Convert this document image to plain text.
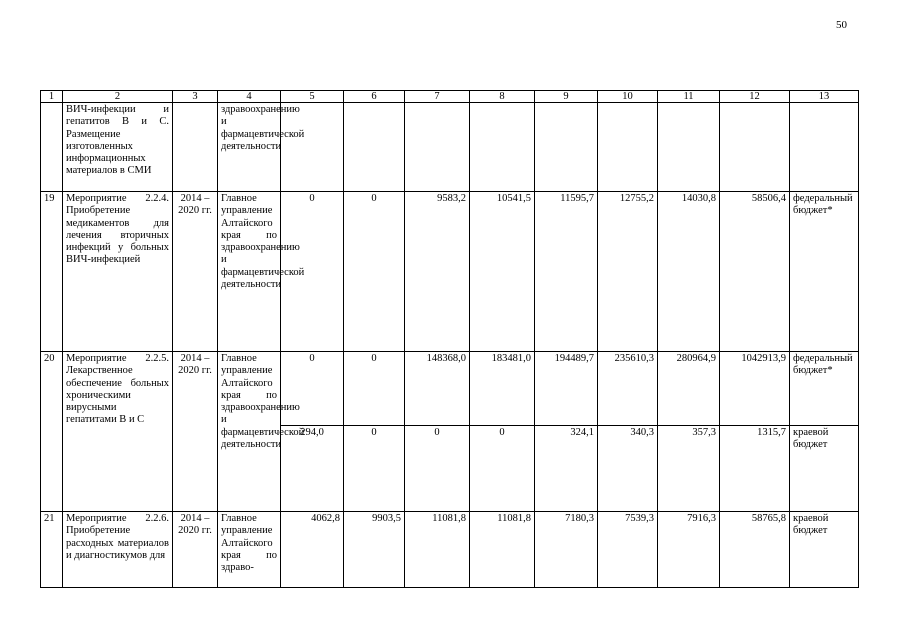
50
1	2	3	4	5	6	7	8	9	10	11	12	13
	ВИЧ-инфекции и гепатитов В и С. Размещение изготовленных информационных материалов в СМИ		здравоохранению и фармацевтической деятельности									
19	Мероприятие 2.2.4. Приобретение медикаментов для лечения вторичных инфекций у больных ВИЧ-инфекцией	2014 – 2020 гг.	Главное управление Алтайского края по здравоохранению и фармацевтической деятельности	0	0	9583,2	10541,5	11595,7	12755,2	14030,8	58506,4	федеральный бюджет*
20	Мероприятие 2.2.5. Лекарственное обеспечение больных хроническими вирусными гепатитами В и С	2014 – 2020 гг.	Главное управление Алтайского края по здравоохранению и фармацевтической деятельности	0	0	148368,0	183481,0	194489,7	235610,3	280964,9	1042913,9	федеральный бюджет*
				294,0	0	0	0	324,1	340,3	357,3	1315,7	краевой бюджет
21	Мероприятие 2.2.6. Приобретение расходных материалов и диагностикумов для	2014 – 2020 гг.	Главное управление Алтайского края по здраво-	4062,8	9903,5	11081,8	11081,8	7180,3	7539,3	7916,3	58765,8	краевой бюджет
